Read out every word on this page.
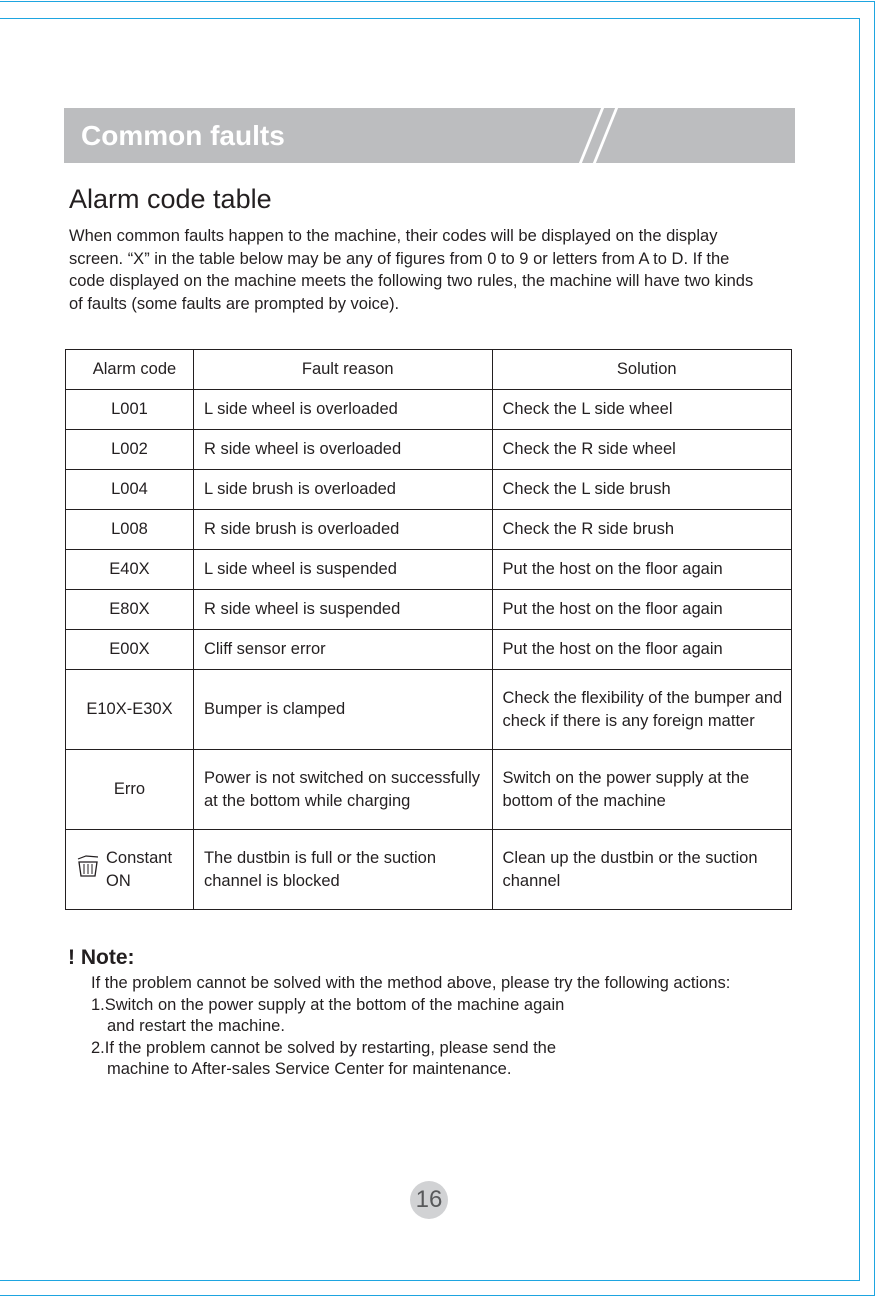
Common faults
Alarm code table
When common faults happen to the machine, their codes will be displayed on the display screen. “X” in the table below may be any of figures from 0 to 9 or letters from A to D. If the code displayed on the machine meets the following two rules, the machine will have two kinds of faults (some faults are prompted by voice).
Alarm code	Fault reason	Solution
L001	L side wheel is overloaded	Check the L side wheel
L002	R side wheel is overloaded	Check the R side wheel
L004	L side brush is overloaded	Check the L side brush
L008	R side brush is overloaded	Check the R side brush
E40X	L side wheel is suspended	Put the host on the floor again
E80X	R side wheel is suspended	Put the host on the floor again
E00X	Cliff sensor error	Put the host on the floor again
E10X-E30X	Bumper is clamped	Check the flexibility of the bumper and check if there is any foreign matter
Erro	Power is not switched on successfully at the bottom while charging	Switch on the power supply at the bottom of the machine

Constant ON	The dustbin is full or the suction channel is blocked	Clean up the dustbin or the suction channel
! Note:
If the problem cannot be solved with the method above, please try the following actions:
1.Switch on the power supply at the bottom of the machine again
and restart the machine.
2.If the problem cannot be solved by restarting, please send the
machine to After-sales Service Center for maintenance.
16
